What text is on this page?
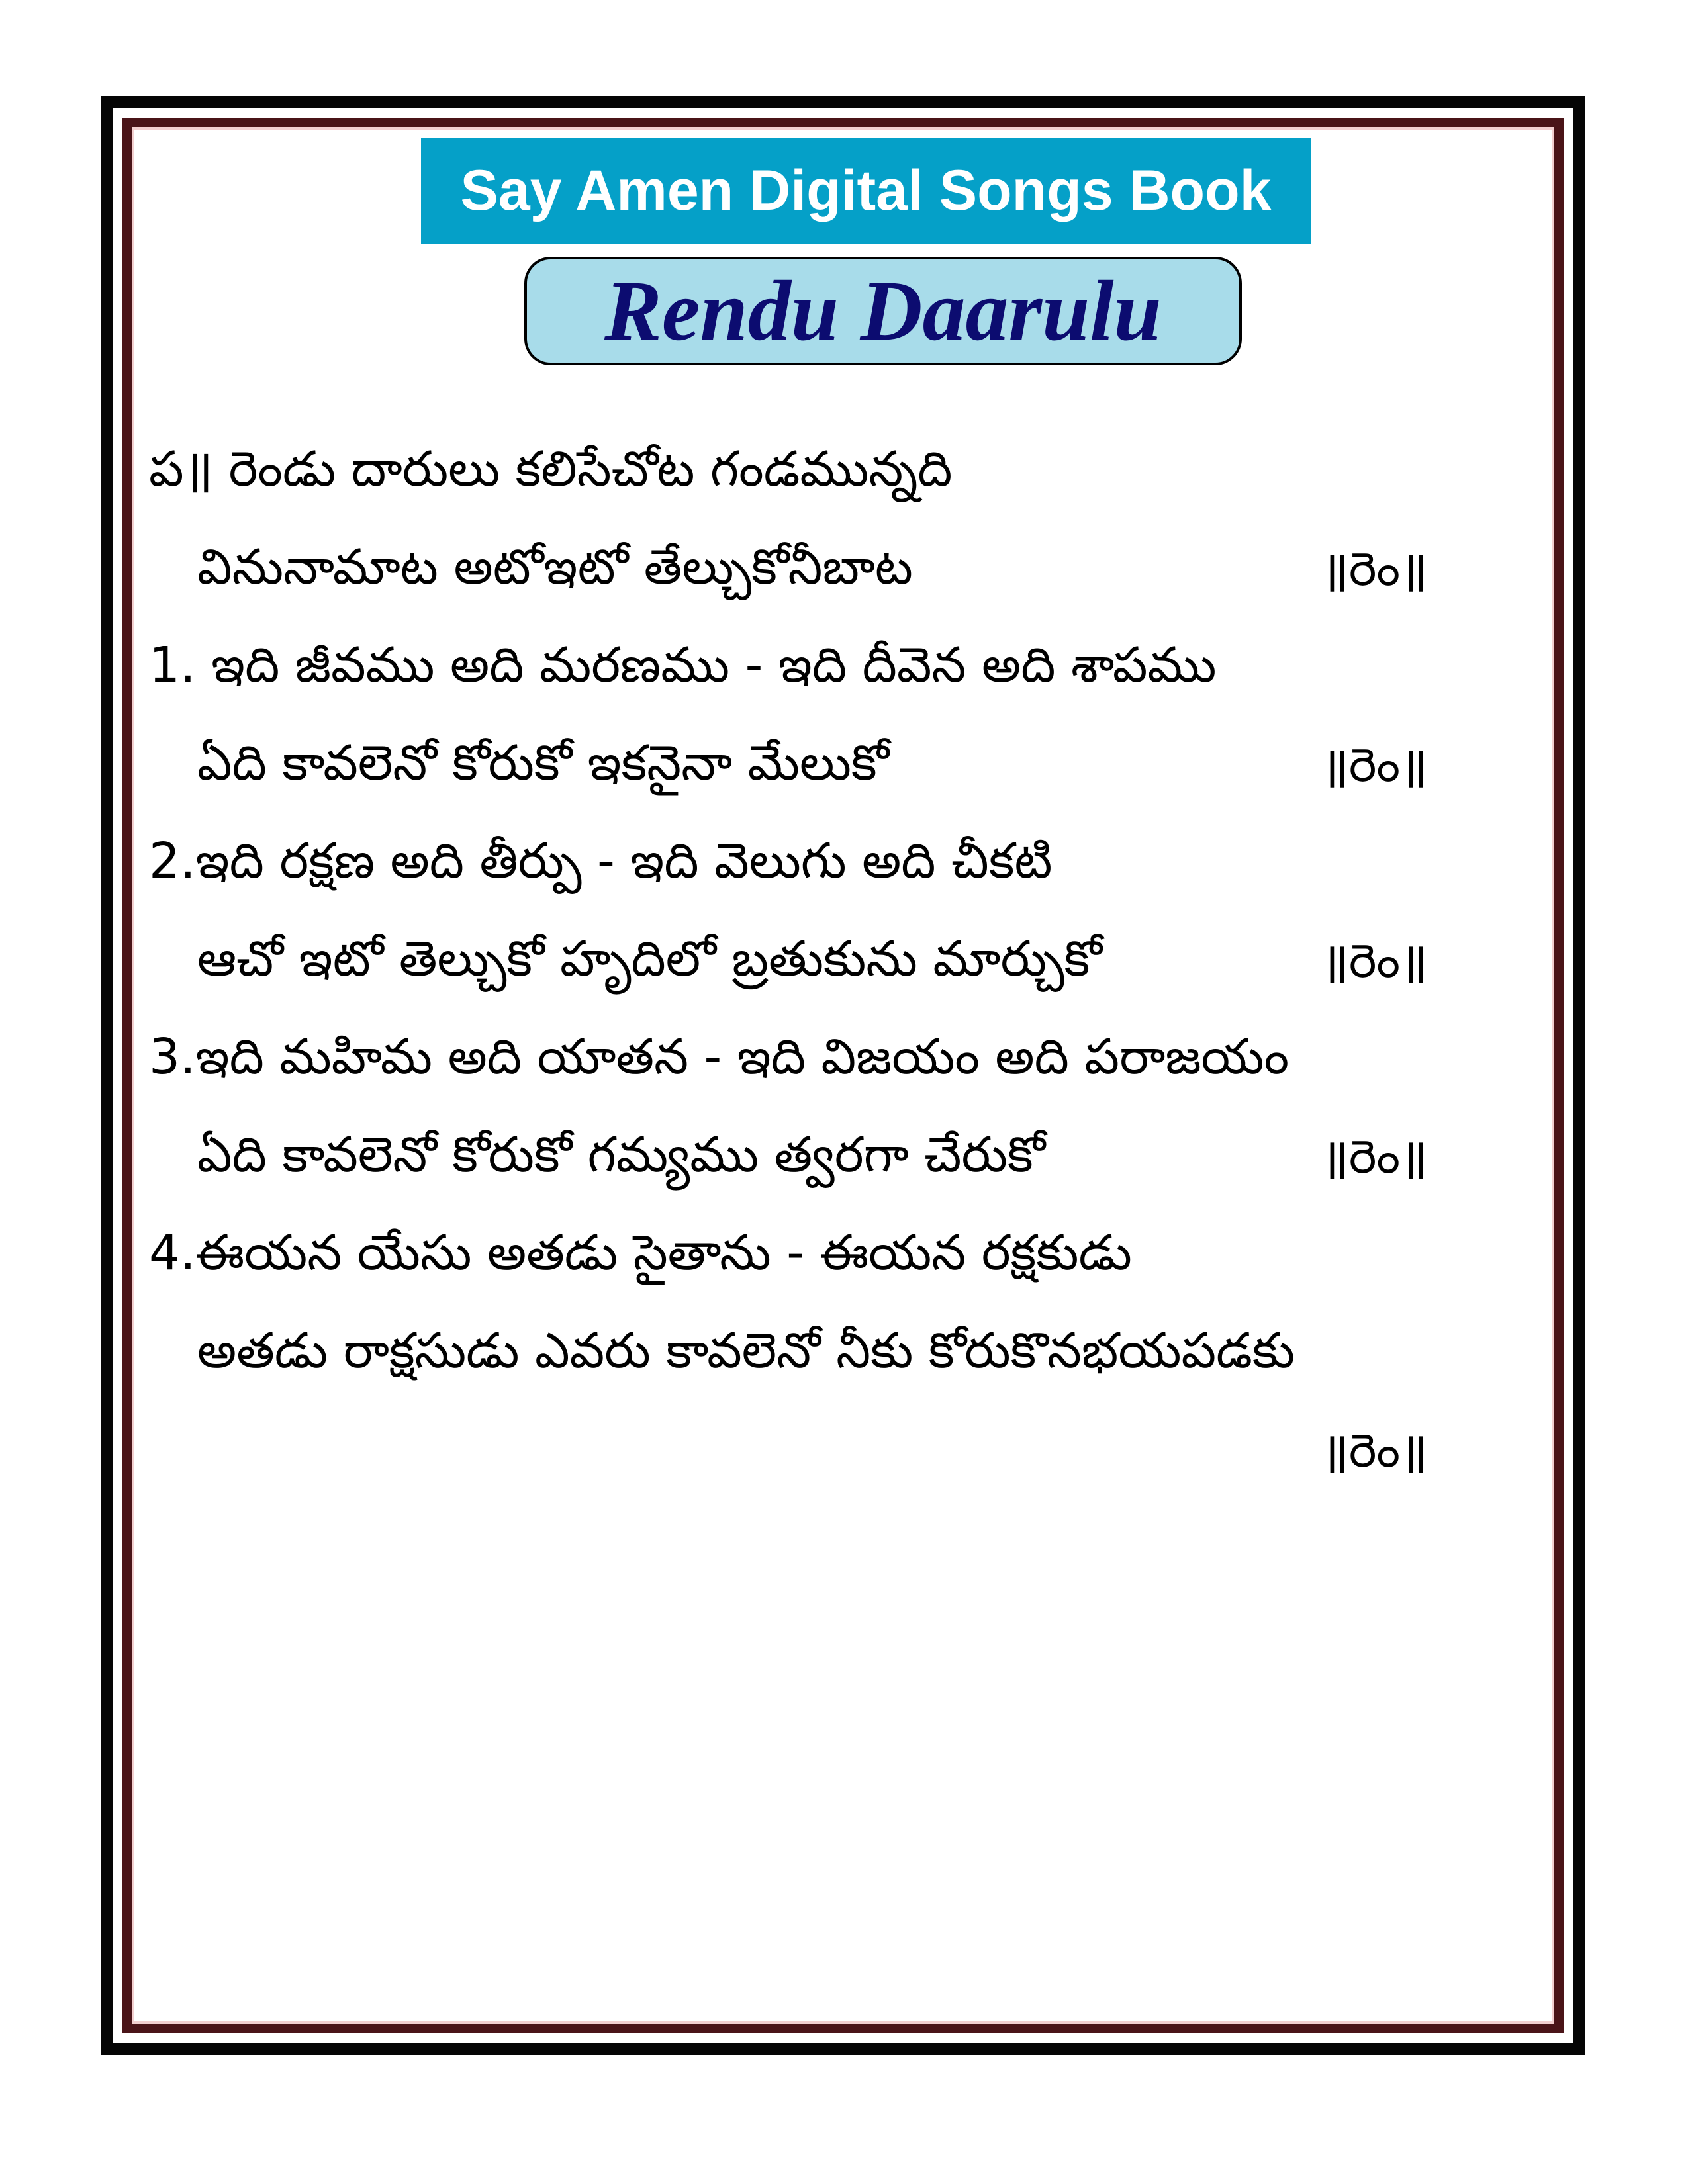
Say Amen Digital Songs Book
Rendu Daarulu
ప॥ రెండు దారులు కలిసేచోట గండమున్నది
వినునామాట అటోఇటో తేల్చుకోనీబాట	॥రెం॥
1. ఇది జీవము అది మరణము - ఇది దీవెన అది శాపము
ఏది కావలెనో కోరుకో ఇకనైనా మేలుకో	॥రెం॥
2.ఇది రక్షణ అది తీర్పు - ఇది వెలుగు అది చీకటి
ఆచో ఇటో తెల్చుకో హృదిలో బ్రతుకును మార్చుకో	॥రెం॥
3.ఇది మహిమ అది యాతన - ఇది విజయం అది పరాజయం
ఏది కావలెనో కోరుకో గమ్యము త్వరగా చేరుకో	॥రెం॥
4.ఈయన యేసు అతడు సైతాను - ఈయన రక్షకుడు
అతడు రాక్షసుడు ఎవరు కావలెనో నీకు కోరుకొనభయపడకు
॥రెం॥
